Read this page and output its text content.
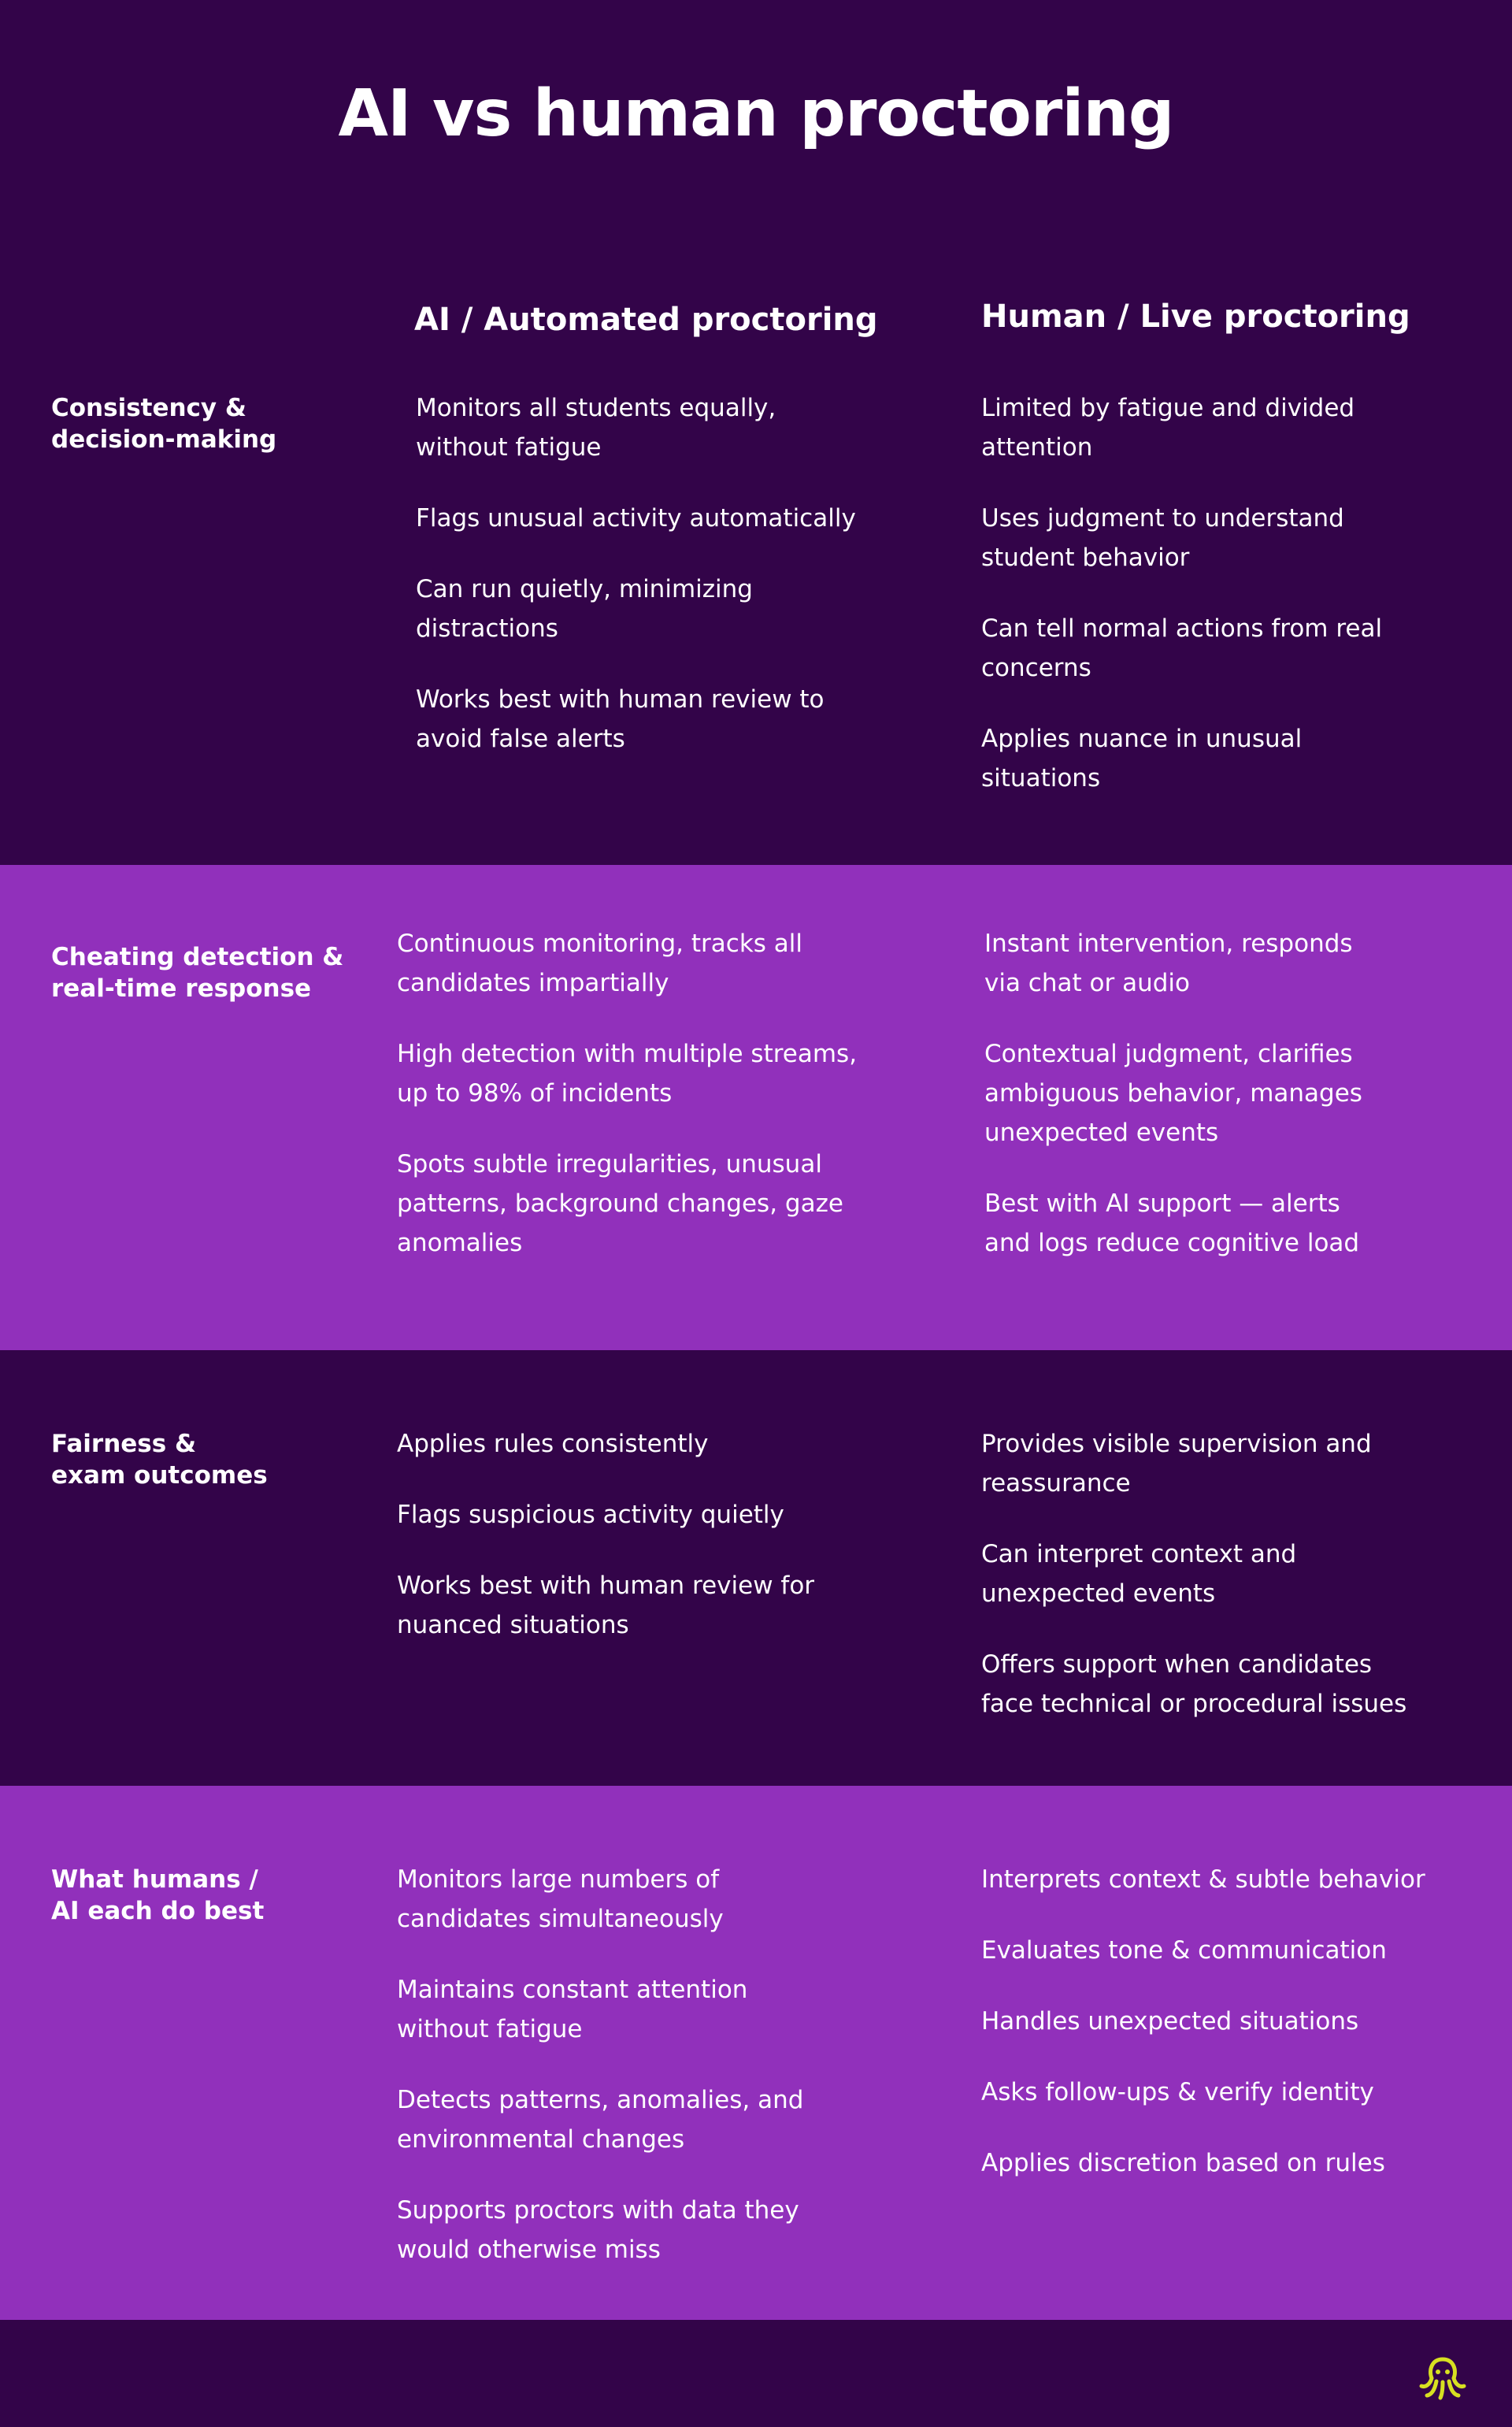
AI vs human proctoring
AI / Automated proctoring	Human / Live proctoring

Consistency &
decision-making

Monitors all students equally,
without fatigue
Flags unusual activity automatically
Can run quietly, minimizing
distractions
Works best with human review to
avoid false alerts
Limited by fatigue and divided
attention
Uses judgment to understand
student behavior
Can tell normal actions from real
concerns
Applies nuance in unusual
situations

Cheating detection &
real-time response

Continuous monitoring, tracks all
candidates impartially
High detection with multiple streams,
up to 98% of incidents
Spots subtle irregularities, unusual
patterns, background changes, gaze
anomalies
Instant intervention, responds
via chat or audio
Contextual judgment, clarifies
ambiguous behavior, manages
unexpected events
Best with AI support — alerts
and logs reduce cognitive load

Fairness &
exam outcomes

Applies rules consistently
Flags suspicious activity quietly
Works best with human review for
nuanced situations
Provides visible supervision and
reassurance
Can interpret context and
unexpected events
Offers support when candidates
face technical or procedural issues

What humans /
AI each do best

Monitors large numbers of
candidates simultaneously
Maintains constant attention
without fatigue
Detects patterns, anomalies, and
environmental changes
Supports proctors with data they
would otherwise miss
Interprets context & subtle behavior
Evaluates tone & communication
Handles unexpected situations
Asks follow-ups & verify identity
Applies discretion based on rules
